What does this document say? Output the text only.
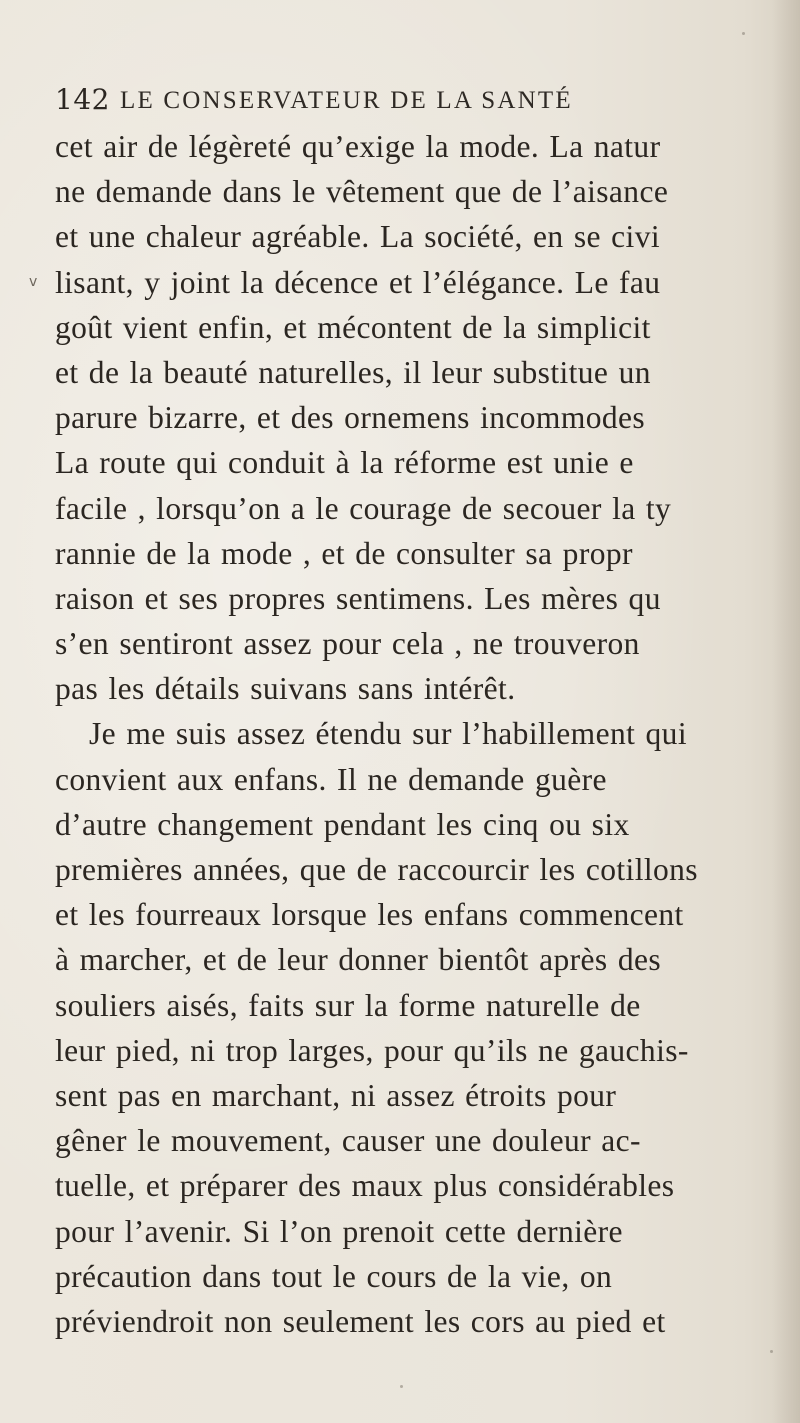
142 LE CONSERVATEUR DE LA SANTÉ
v
cet air de légèreté qu’exige la mode. La natur
ne demande dans le vêtement que de l’aisance
et une chaleur agréable. La société, en se civi
lisant, y joint la décence et l’élégance. Le fau
goût vient enfin, et mécontent de la simplicit
et de la beauté naturelles, il leur substitue un
parure bizarre, et des ornemens incommodes
La route qui conduit à la réforme est unie e
facile , lorsqu’on a le courage de secouer la ty
rannie de la mode , et de consulter sa propr
raison et ses propres sentimens. Les mères qu
s’en sentiront assez pour cela , ne trouveron
pas les détails suivans sans intérêt.
Je me suis assez étendu sur l’habillement qui
convient aux enfans. Il ne demande guère
d’autre changement pendant les cinq ou six
premières années, que de raccourcir les cotillons
et les fourreaux lorsque les enfans commencent
à marcher, et de leur donner bientôt après des
souliers aisés, faits sur la forme naturelle de
leur pied, ni trop larges, pour qu’ils ne gauchis-
sent pas en marchant, ni assez étroits pour
gêner le mouvement, causer une douleur ac-
tuelle, et préparer des maux plus considérables
pour l’avenir. Si l’on prenoit cette dernière
précaution dans tout le cours de la vie, on
préviendroit non seulement les cors au pied et
